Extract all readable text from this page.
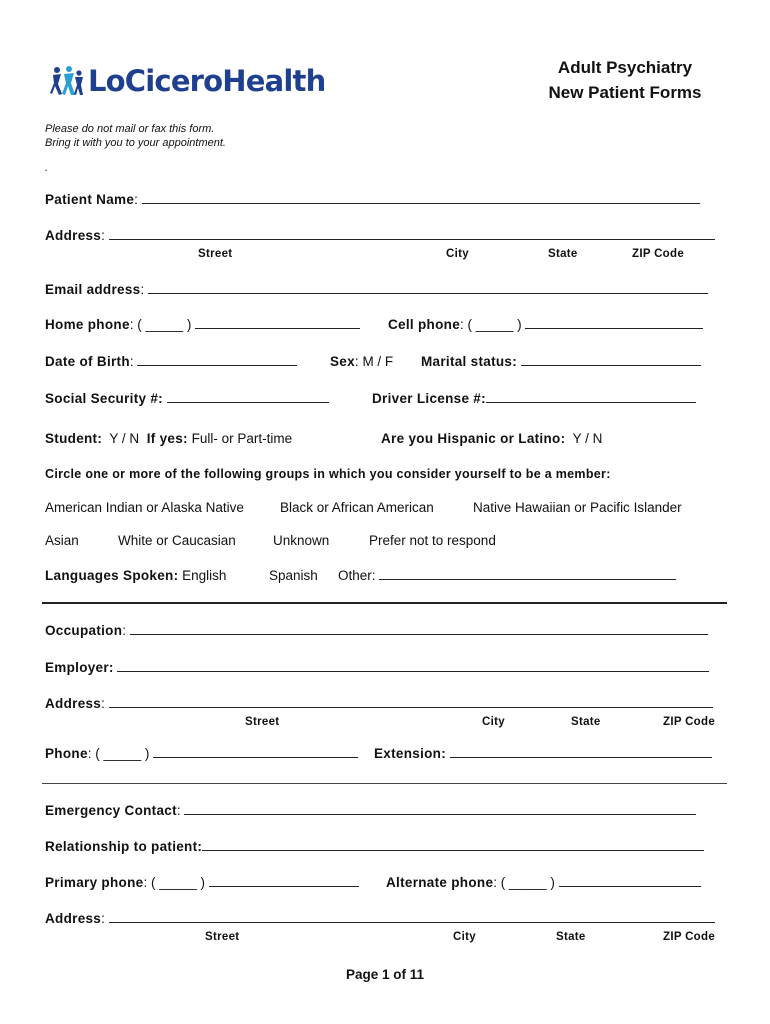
LoCiceroHealth	Adult Psychiatry
New Patient Forms
Please do not mail or fax this form.
Bring it with you to your appointment.
.
Patient Name:
Address:
Street	City	State	ZIP Code
Email address:
Home phone: ( _____ )	Cell phone: ( _____ )
Date of Birth:	Sex: M / F Marital status:
Social Security #:	Driver License #:
Student: Y / N If yes: Full- or Part-time	Are you Hispanic or Latino: Y / N
Circle one or more of the following groups in which you consider yourself to be a member:
American Indian or Alaska Native	Black or African American	Native Hawaiian or Pacific Islander
Asian	White or Caucasian	Unknown	Prefer not to respond
Languages Spoken: English	Spanish Other:
Occupation:
Employer:
Address:
Street	City	State	ZIP Code
Phone: ( _____ )	Extension:
Emergency Contact:
Relationship to patient:
Primary phone: ( _____ )	Alternate phone: ( _____ )
Address:
Street	City	State	ZIP Code
Page 1 of 11
